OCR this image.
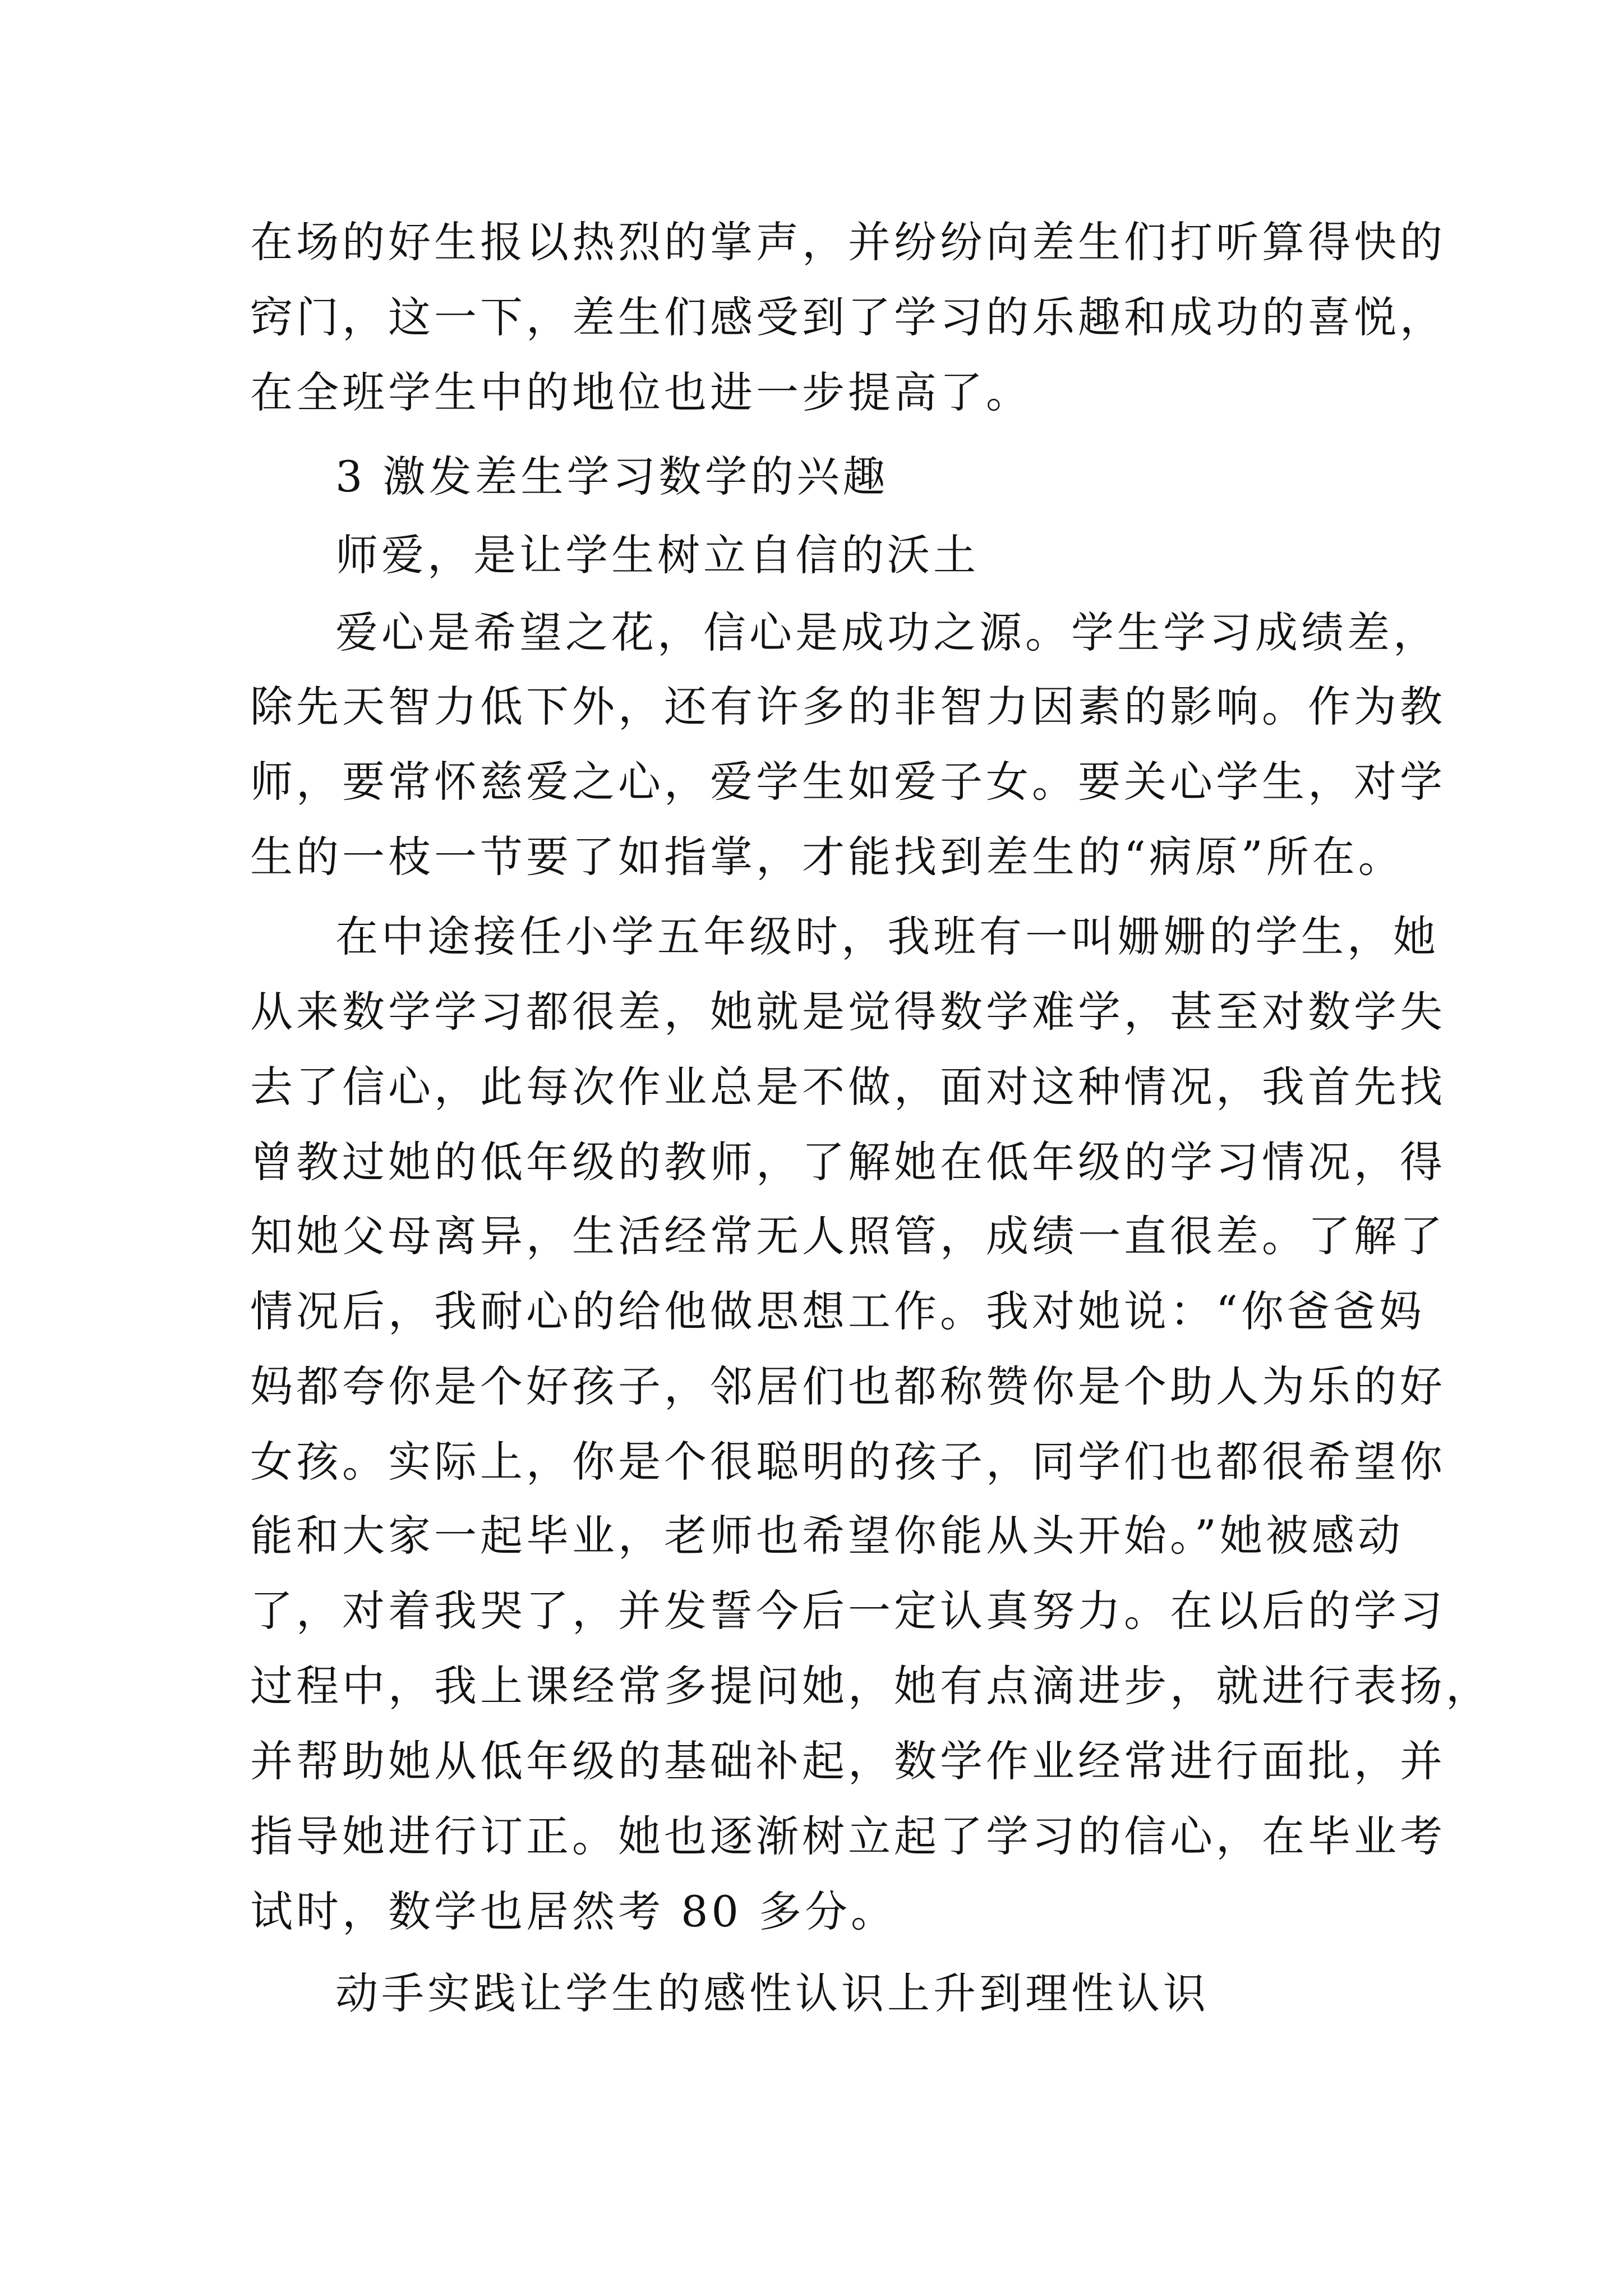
在场的好生报以热烈的掌声，并纷纷向差生们打听算得快的
窍门，这一下，差生们感受到了学习的乐趣和成功的喜悦，
在全班学生中的地位也进一步提高了。
3 激发差生学习数学的兴趣
师爱，是让学生树立自信的沃土
爱心是希望之花，信心是成功之源。学生学习成绩差，
除先天智力低下外，还有许多的非智力因素的影响。作为教
师，要常怀慈爱之心，爱学生如爱子女。要关心学生，对学
生的一枝一节要了如指掌，才能找到差生的“病原”所在。
在中途接任小学五年级时，我班有一叫姗姗的学生，她
从来数学学习都很差，她就是觉得数学难学，甚至对数学失
去了信心，此每次作业总是不做，面对这种情况，我首先找
曾教过她的低年级的教师，了解她在低年级的学习情况，得
知她父母离异，生活经常无人照管，成绩一直很差。了解了
情况后，我耐心的给他做思想工作。我对她说：“你爸爸妈
妈都夸你是个好孩子，邻居们也都称赞你是个助人为乐的好
女孩。实际上，你是个很聪明的孩子，同学们也都很希望你
能和大家一起毕业，老师也希望你能从头开始。”她被感动
了，对着我哭了，并发誓今后一定认真努力。在以后的学习
过程中，我上课经常多提问她，她有点滴进步，就进行表扬，
并帮助她从低年级的基础补起，数学作业经常进行面批，并
指导她进行订正。她也逐渐树立起了学习的信心，在毕业考
试时，数学也居然考 80 多分。
动手实践让学生的感性认识上升到理性认识
